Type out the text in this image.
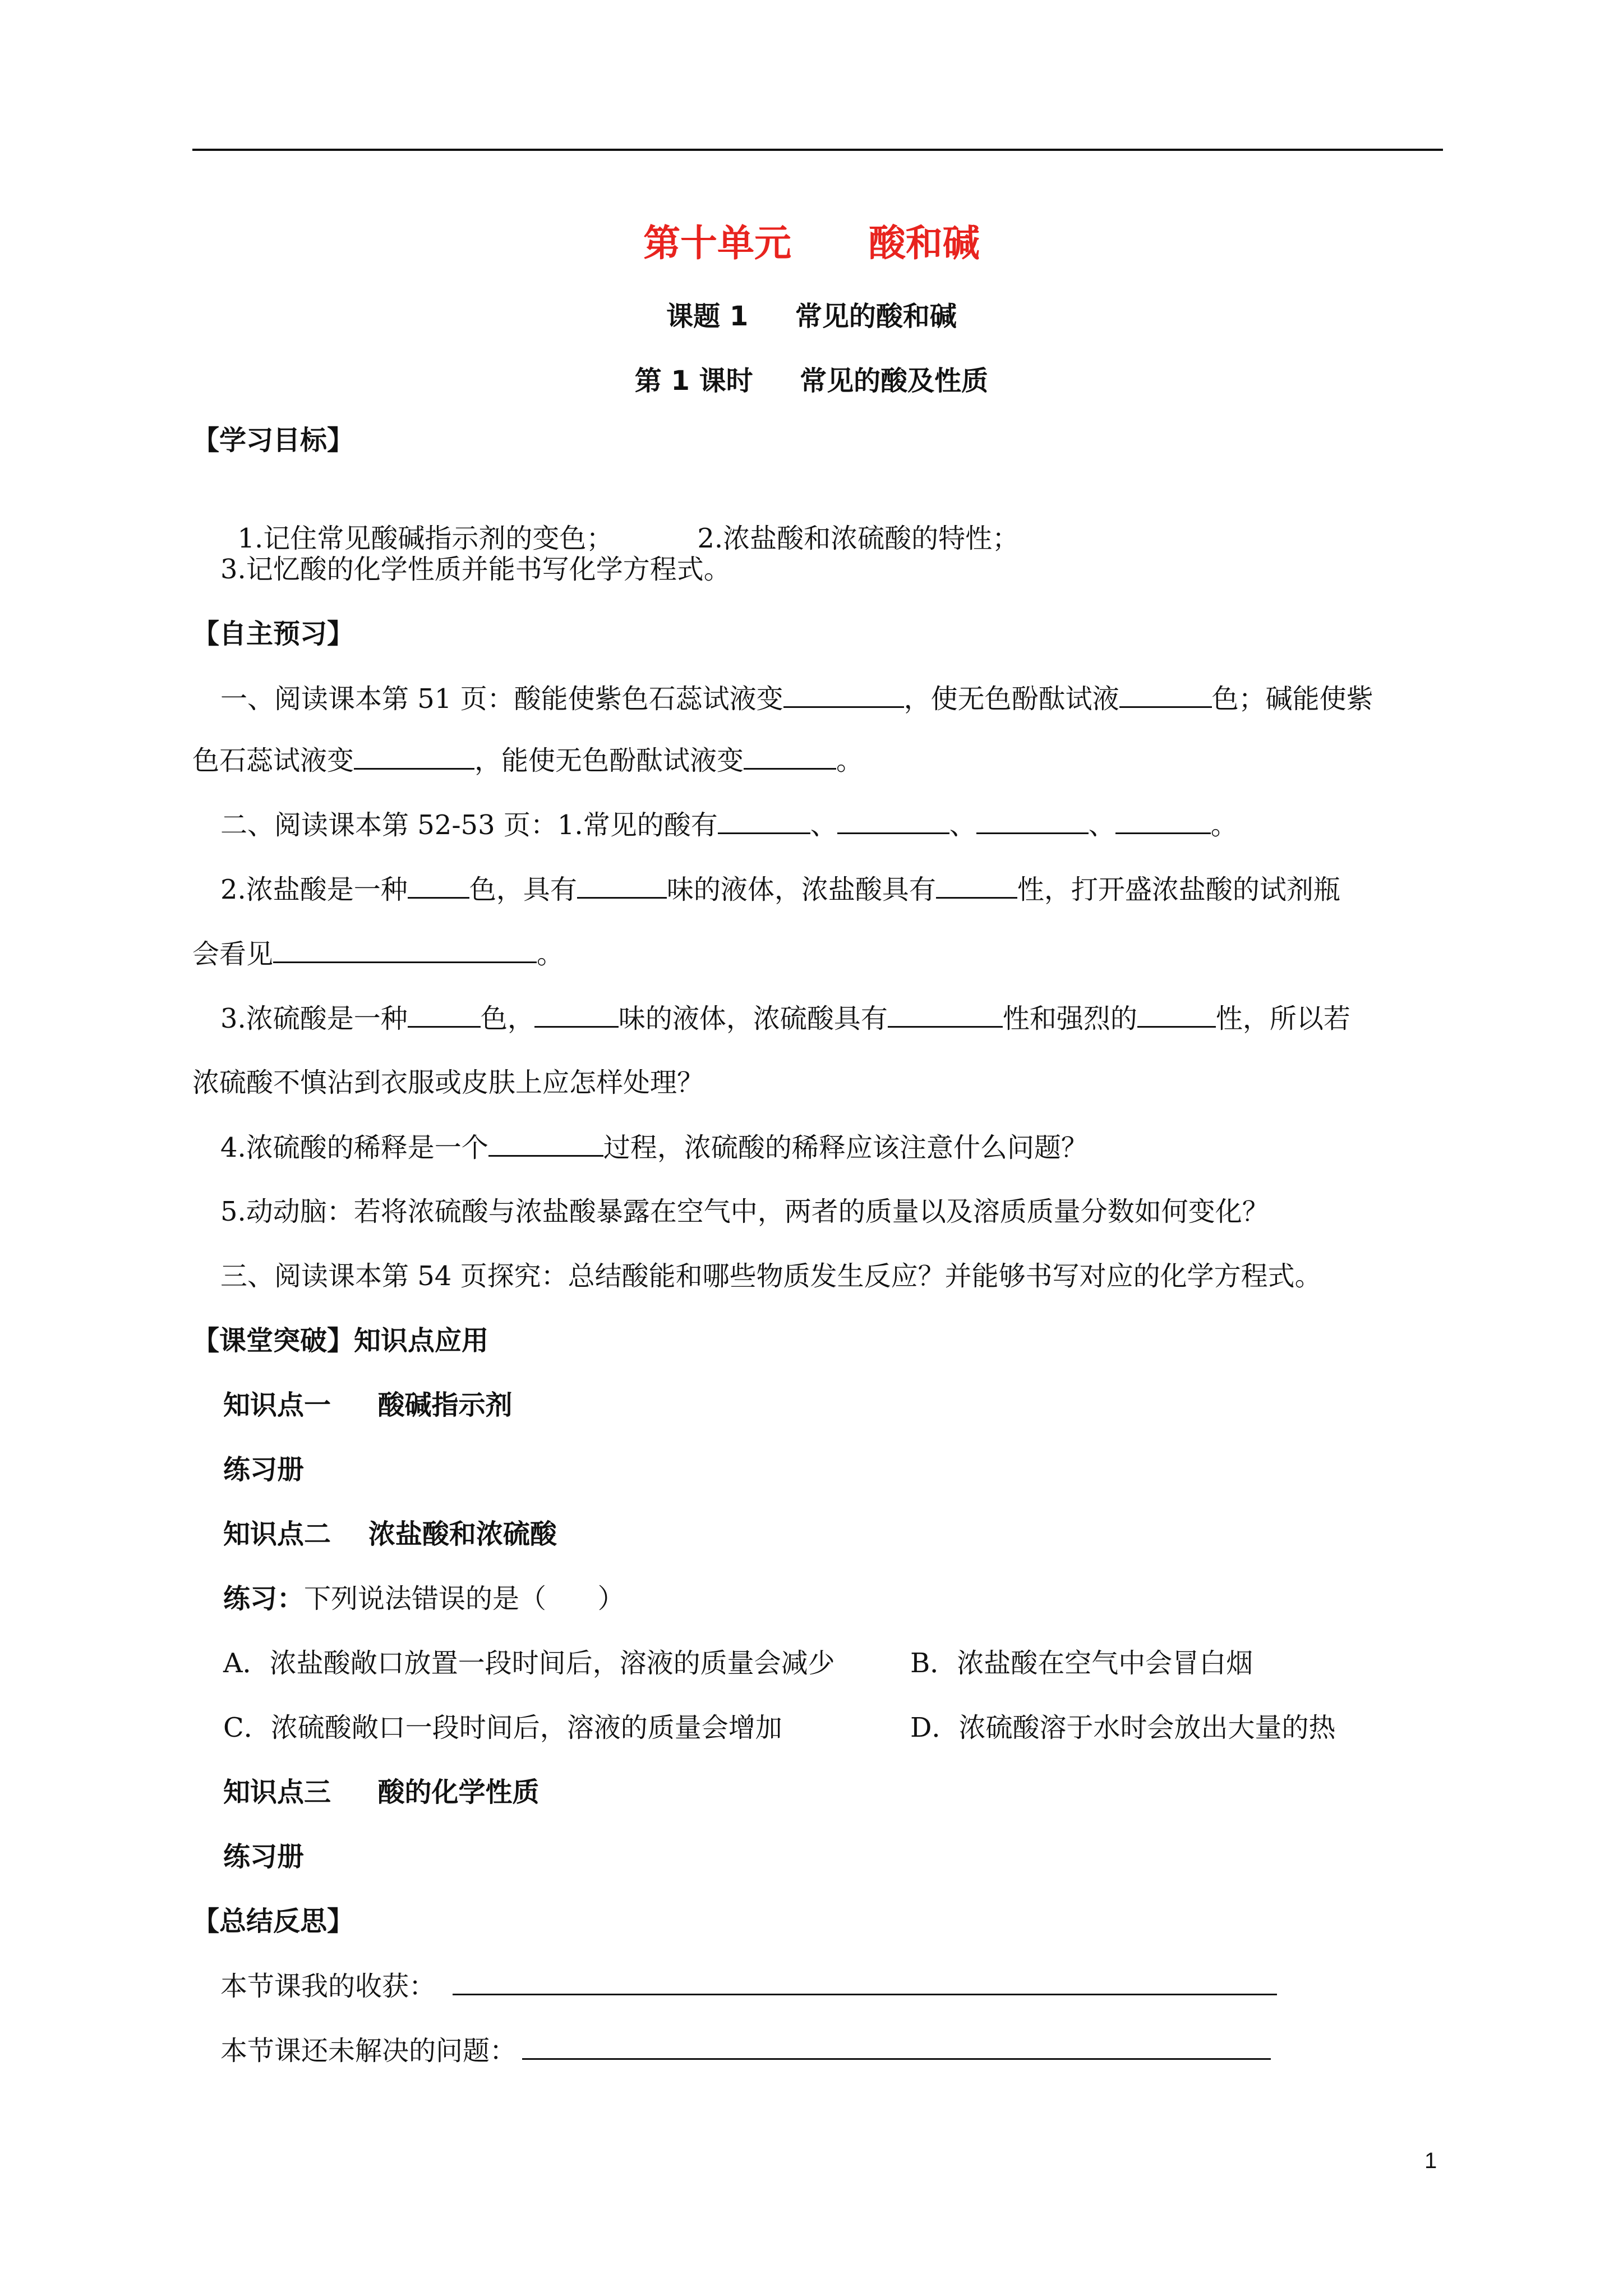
第十单元      酸和碱
课题 1     常见的酸和碱
第 1 课时     常见的酸及性质
【学习目标】

1.记住常见酸碱指示剂的变色；	2.浓盐酸和浓硫酸的特性；

3.记忆酸的化学性质并能书写化学方程式。
【自主预习】
一、阅读课本第 51 页：酸能使紫色石蕊试液变	，使无色酚酞试液	色；碱能使紫
色石蕊试液变	，能使无色酚酞试液变	。
二、阅读课本第 52-53 页：1.常见的酸有	、	、	、	。
2.浓盐酸是一种 色，具有	味的液体，浓盐酸具有	性，打开盛浓盐酸的试剂瓶
会看见	。
3.浓硫酸是一种	色，	味的液体，浓硫酸具有	性和强烈的	性，所以若
浓硫酸不慎沾到衣服或皮肤上应怎样处理？
4.浓硫酸的稀释是一个	过程，浓硫酸的稀释应该注意什么问题？
5.动动脑：若将浓硫酸与浓盐酸暴露在空气中，两者的质量以及溶质质量分数如何变化？
三、阅读课本第 54 页探究：总结酸能和哪些物质发生反应？并能够书写对应的化学方程式。
【课堂突破】知识点应用
知识点一     酸碱指示剂
练习册
知识点二    浓盐酸和浓硫酸
练习：下列说法错误的是（      ）
A．浓盐酸敞口放置一段时间后，溶液的质量会减少	B．浓盐酸在空气中会冒白烟
C．浓硫酸敞口一段时间后，溶液的质量会增加	D．浓硫酸溶于水时会放出大量的热
知识点三     酸的化学性质
练习册
【总结反思】
本节课我的收获：
本节课还未解决的问题：
1
